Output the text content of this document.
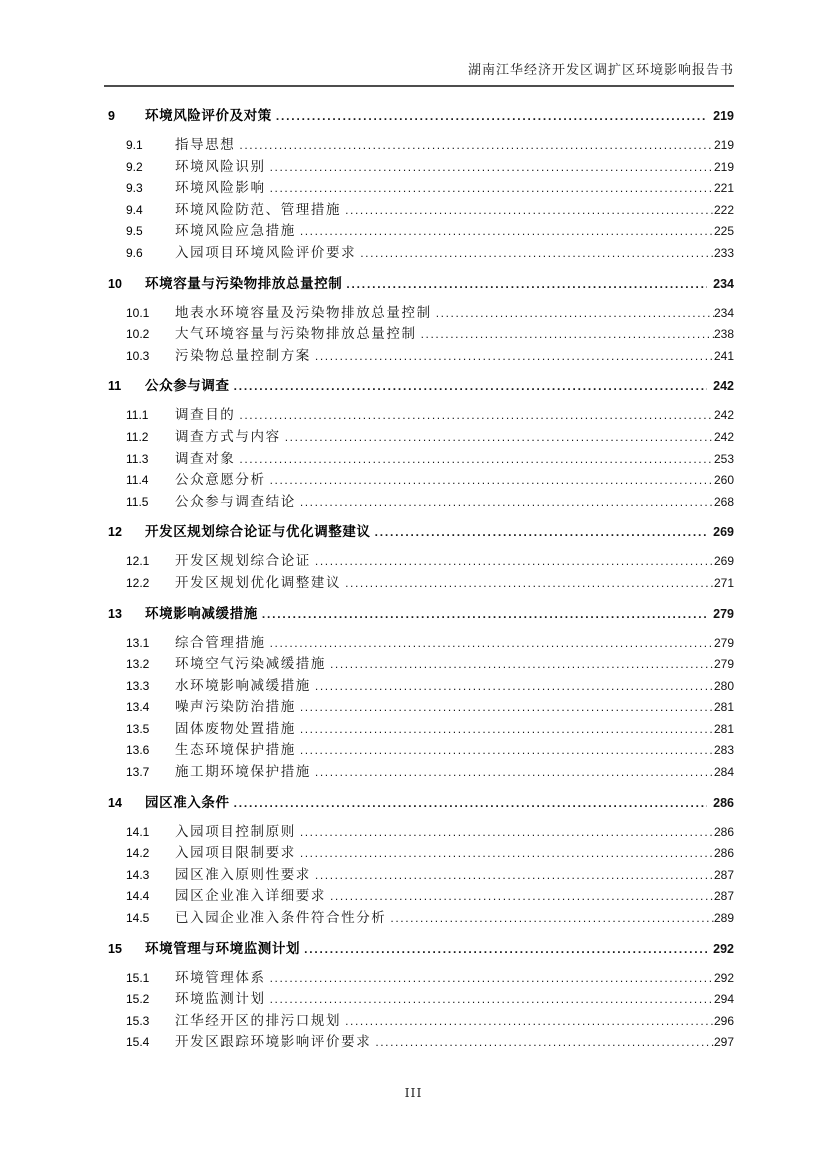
湖南江华经济开发区调扩区环境影响报告书
9	环境风险评价及对策 .....	219
9.1	指导思想 .....	219
9.2	环境风险识别 .....	219
9.3	环境风险影响 .....	221
9.4	环境风险防范、管理措施 .....	222
9.5	环境风险应急措施 .....	225
9.6	入园项目环境风险评价要求 .....	233
10	环境容量与污染物排放总量控制 .....	234
10.1	地表水环境容量及污染物排放总量控制 .....	234
10.2	大气环境容量与污染物排放总量控制 .....	238
10.3	污染物总量控制方案 .....	241
11	公众参与调查 .....	242
11.1	调查目的 .....	242
11.2	调查方式与内容 .....	242
11.3	调查对象 .....	253
11.4	公众意愿分析 .....	260
11.5	公众参与调查结论 .....	268
12	开发区规划综合论证与优化调整建议 .....	269
12.1	开发区规划综合论证 .....	269
12.2	开发区规划优化调整建议 .....	271
13	环境影响减缓措施 .....	279
13.1	综合管理措施 .....	279
13.2	环境空气污染减缓措施 .....	279
13.3	水环境影响减缓措施 .....	280
13.4	噪声污染防治措施 .....	281
13.5	固体废物处置措施 .....	281
13.6	生态环境保护措施 .....	283
13.7	施工期环境保护措施 .....	284
14	园区准入条件 .....	286
14.1	入园项目控制原则 .....	286
14.2	入园项目限制要求 .....	286
14.3	园区准入原则性要求 .....	287
14.4	园区企业准入详细要求 .....	287
14.5	已入园企业准入条件符合性分析 .....	289
15	环境管理与环境监测计划 .....	292
15.1	环境管理体系 .....	292
15.2	环境监测计划 .....	294
15.3	江华经开区的排污口规划 .....	296
15.4	开发区跟踪环境影响评价要求 .....	297
III
